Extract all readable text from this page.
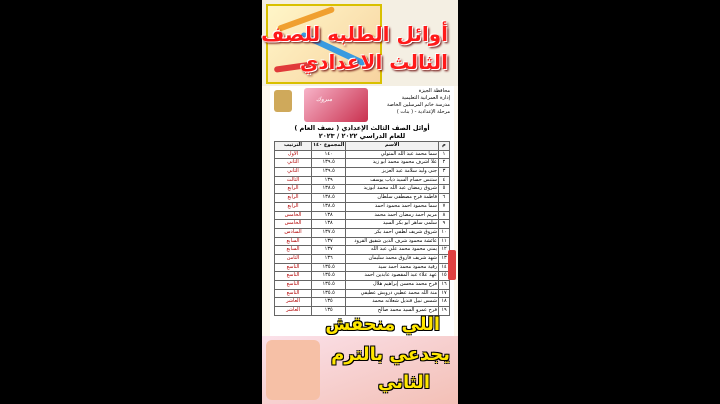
مبروك
محافظة الجيزة
إدارة العمرانية التعليمية
مدرسة خاتم المرسلين الخاصة
مرحلة الإعدادية - ( بنات )
أوائل الصف الثالث الإعدادي ( نصف العام )
للعام الدراسي ٢٠٢٢ / ٢٠٢٣
م	الاسم	المجموع ١٤٠	الترتيب
١	سما محمد عبد الله المتولي	١٤٠	الأول
٢	علا أشرف محمود محمد أبو زيد	١٣٩.٥	الثاني
٣	جنى وليد سلامة عبد العزيز	١٣٩.٥	الثاني
٤	ستنس حسام السيد ذياب يوسف	١٣٩	الثالث
٥	شروق رمضان عبد الله محمد أبوزيد	١٣٨.٥	الرابع
٦	فاطمة فرج مصطفى سلطان	١٣٨.٥	الرابع
٧	سما محمود أحمد محمود أحمد	١٣٨.٥	الرابع
٨	مريم أحمد رمضان أحمد محمد	١٣٨	الخامس
٩	سلمى ساهر أبو بكر السيد	١٣٨	الخامس
١٠	شروق شريف لطفي أحمد بكر	١٣٧.٥	السادس
١١	عائشة محمود شرف الدين شفيق القرود	١٣٧	السابع
١٢	يمنى محمود محمد علي عبد الله	١٣٧	السابع
١٣	شهد شريف فاروق محمد سليمان	١٣٦	الثامن
١٤	رقية محمود محمد أحمد سيد	١٣٥.٥	التاسع
١٥	عهد علاء عبد المقصود عابدين أحمد	١٣٥.٥	التاسع
١٦	فرح محمد محسن إبراهيم هلال	١٣٥.٥	التاسع
١٧	منة الله محمد عطيي درويش عطيفي	١٣٥.٥	التاسع
١٨	شمس نبيل قنديل شعلانه محمد	١٣٥	العاشر
١٩	فرح عمرو السيد محمد صالح	١٣٥	العاشر
أوائل الطلبه للصف
الثالث الاعدادي
اللي منحقش
يجدعي بالترم
الثاني
